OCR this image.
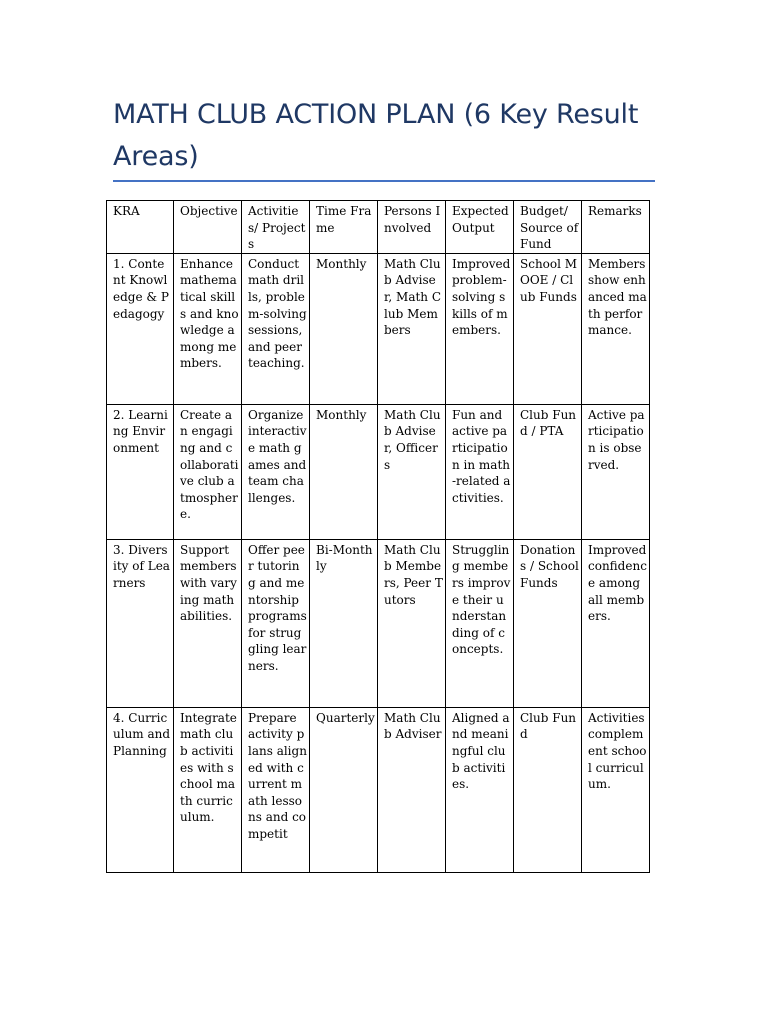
MATH CLUB ACTION PLAN (6 Key Result Areas)
KRA	Objective	Activities/ Projects	Time Frame	Persons Involved	Expected Output	Budget/ Source of Fund	Remarks
1. Content Knowledge & Pedagogy	Enhance mathematical skills and knowledge among members.	Conduct math drills, problem-solving sessions, and peer teaching.	Monthly	Math Club Adviser, Math Club Members	Improved problem-solving skills of members.	School MOOE / Club Funds	Members show enhanced math performance.
2. Learning Environment	Create an engaging and collaborative club atmosphere.	Organize interactive math games and team challenges.	Monthly	Math Club Adviser, Officers	Fun and active participation in math-related activities.	Club Fund / PTA	Active participation is observed.
3. Diversity of Learners	Support members with varying math abilities.	Offer peer tutoring and mentorship programs for struggling learners.	Bi-Monthly	Math Club Members, Peer Tutors	Struggling members improve their understanding of concepts.	Donations / School Funds	Improved confidence among all members.
4. Curriculum and Planning	Integrate math club activities with school math curriculum.	Prepare activity plans aligned with current math lessons and competit	Quarterly	Math Club Adviser	Aligned and meaningful club activities.	Club Fund	Activities complement school curriculum.
